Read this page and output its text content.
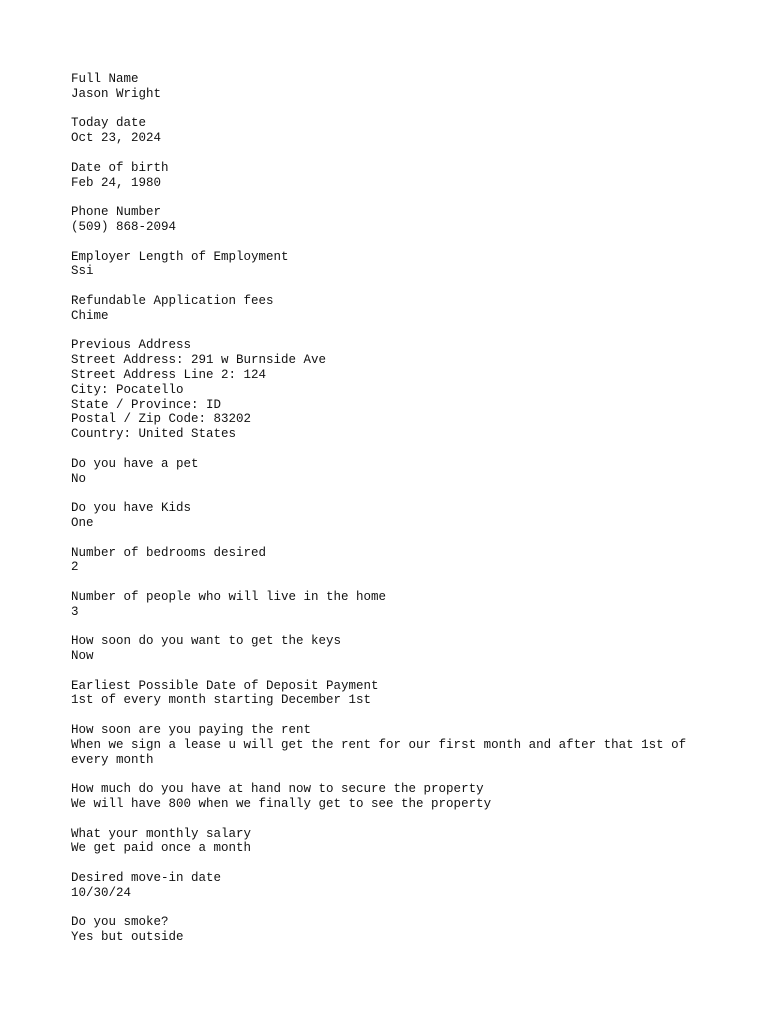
Full Name
Jason Wright
Today date
Oct 23, 2024
Date of birth
Feb 24, 1980
Phone Number
(509) 868-2094
Employer Length of Employment
Ssi
Refundable Application fees
Chime
Previous Address
Street Address: 291 w Burnside Ave
Street Address Line 2: 124
City: Pocatello
State / Province: ID
Postal / Zip Code: 83202
Country: United States
Do you have a pet
No
Do you have Kids
One
Number of bedrooms desired
2
Number of people who will live in the home
3
How soon do you want to get the keys
Now
Earliest Possible Date of Deposit Payment
1st of every month starting December 1st
How soon are you paying the rent
When we sign a lease u will get the rent for our first month and after that 1st of
every month
How much do you have at hand now to secure the property
We will have 800 when we finally get to see the property
What your monthly salary
We get paid once a month
Desired move-in date
10/30/24
Do you smoke?
Yes but outside
